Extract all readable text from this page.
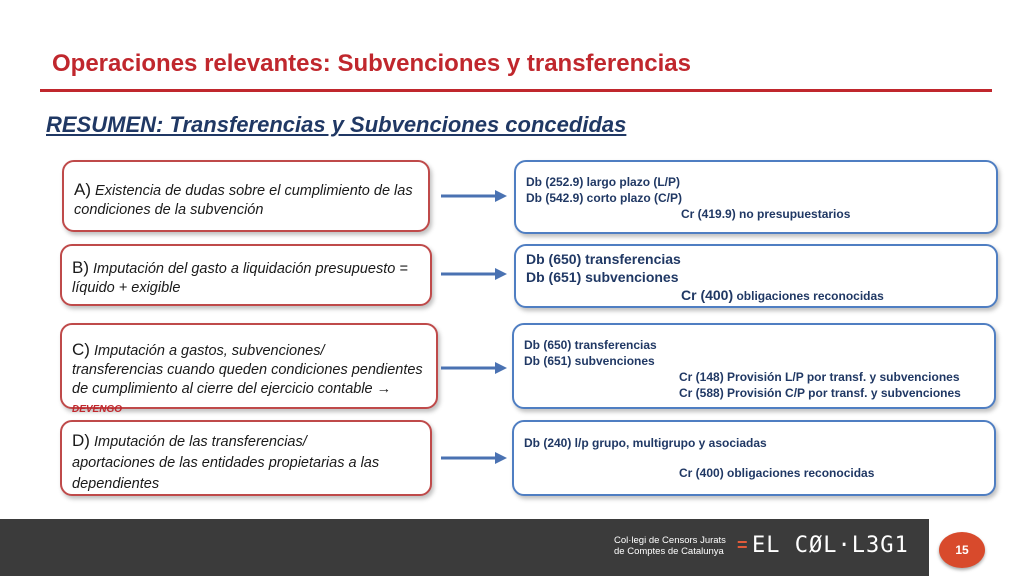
Operaciones relevantes: Subvenciones y transferencias
RESUMEN: Transferencias y Subvenciones concedidas
A) Existencia de dudas sobre el cumplimiento de las condiciones de la subvención
Db (252.9) largo plazo (L/P)
Db (542.9) corto plazo (C/P)
Cr (419.9) no presupuestarios
B) Imputación del gasto a liquidación presupuesto = líquido + exigible
Db (650) transferencias
Db (651) subvenciones
Cr (400) obligaciones reconocidas
C) Imputación a gastos, subvenciones/
transferencias cuando queden condiciones pendientes de cumplimiento al cierre del ejercicio contable → DEVENGO
Db (650) transferencias
Db (651) subvenciones
Cr (148) Provisión L/P por transf. y subvenciones
Cr (588) Provisión C/P por transf. y subvenciones
D) Imputación de las transferencias/
aportaciones de las entidades propietarias a las dependientes
Db (240) l/p grupo, multigrupo y asociadas
Cr (400) obligaciones reconocidas
Col·legi de Censors Jurats
de Comptes de Catalunya = EL CØL·L3G1	15
